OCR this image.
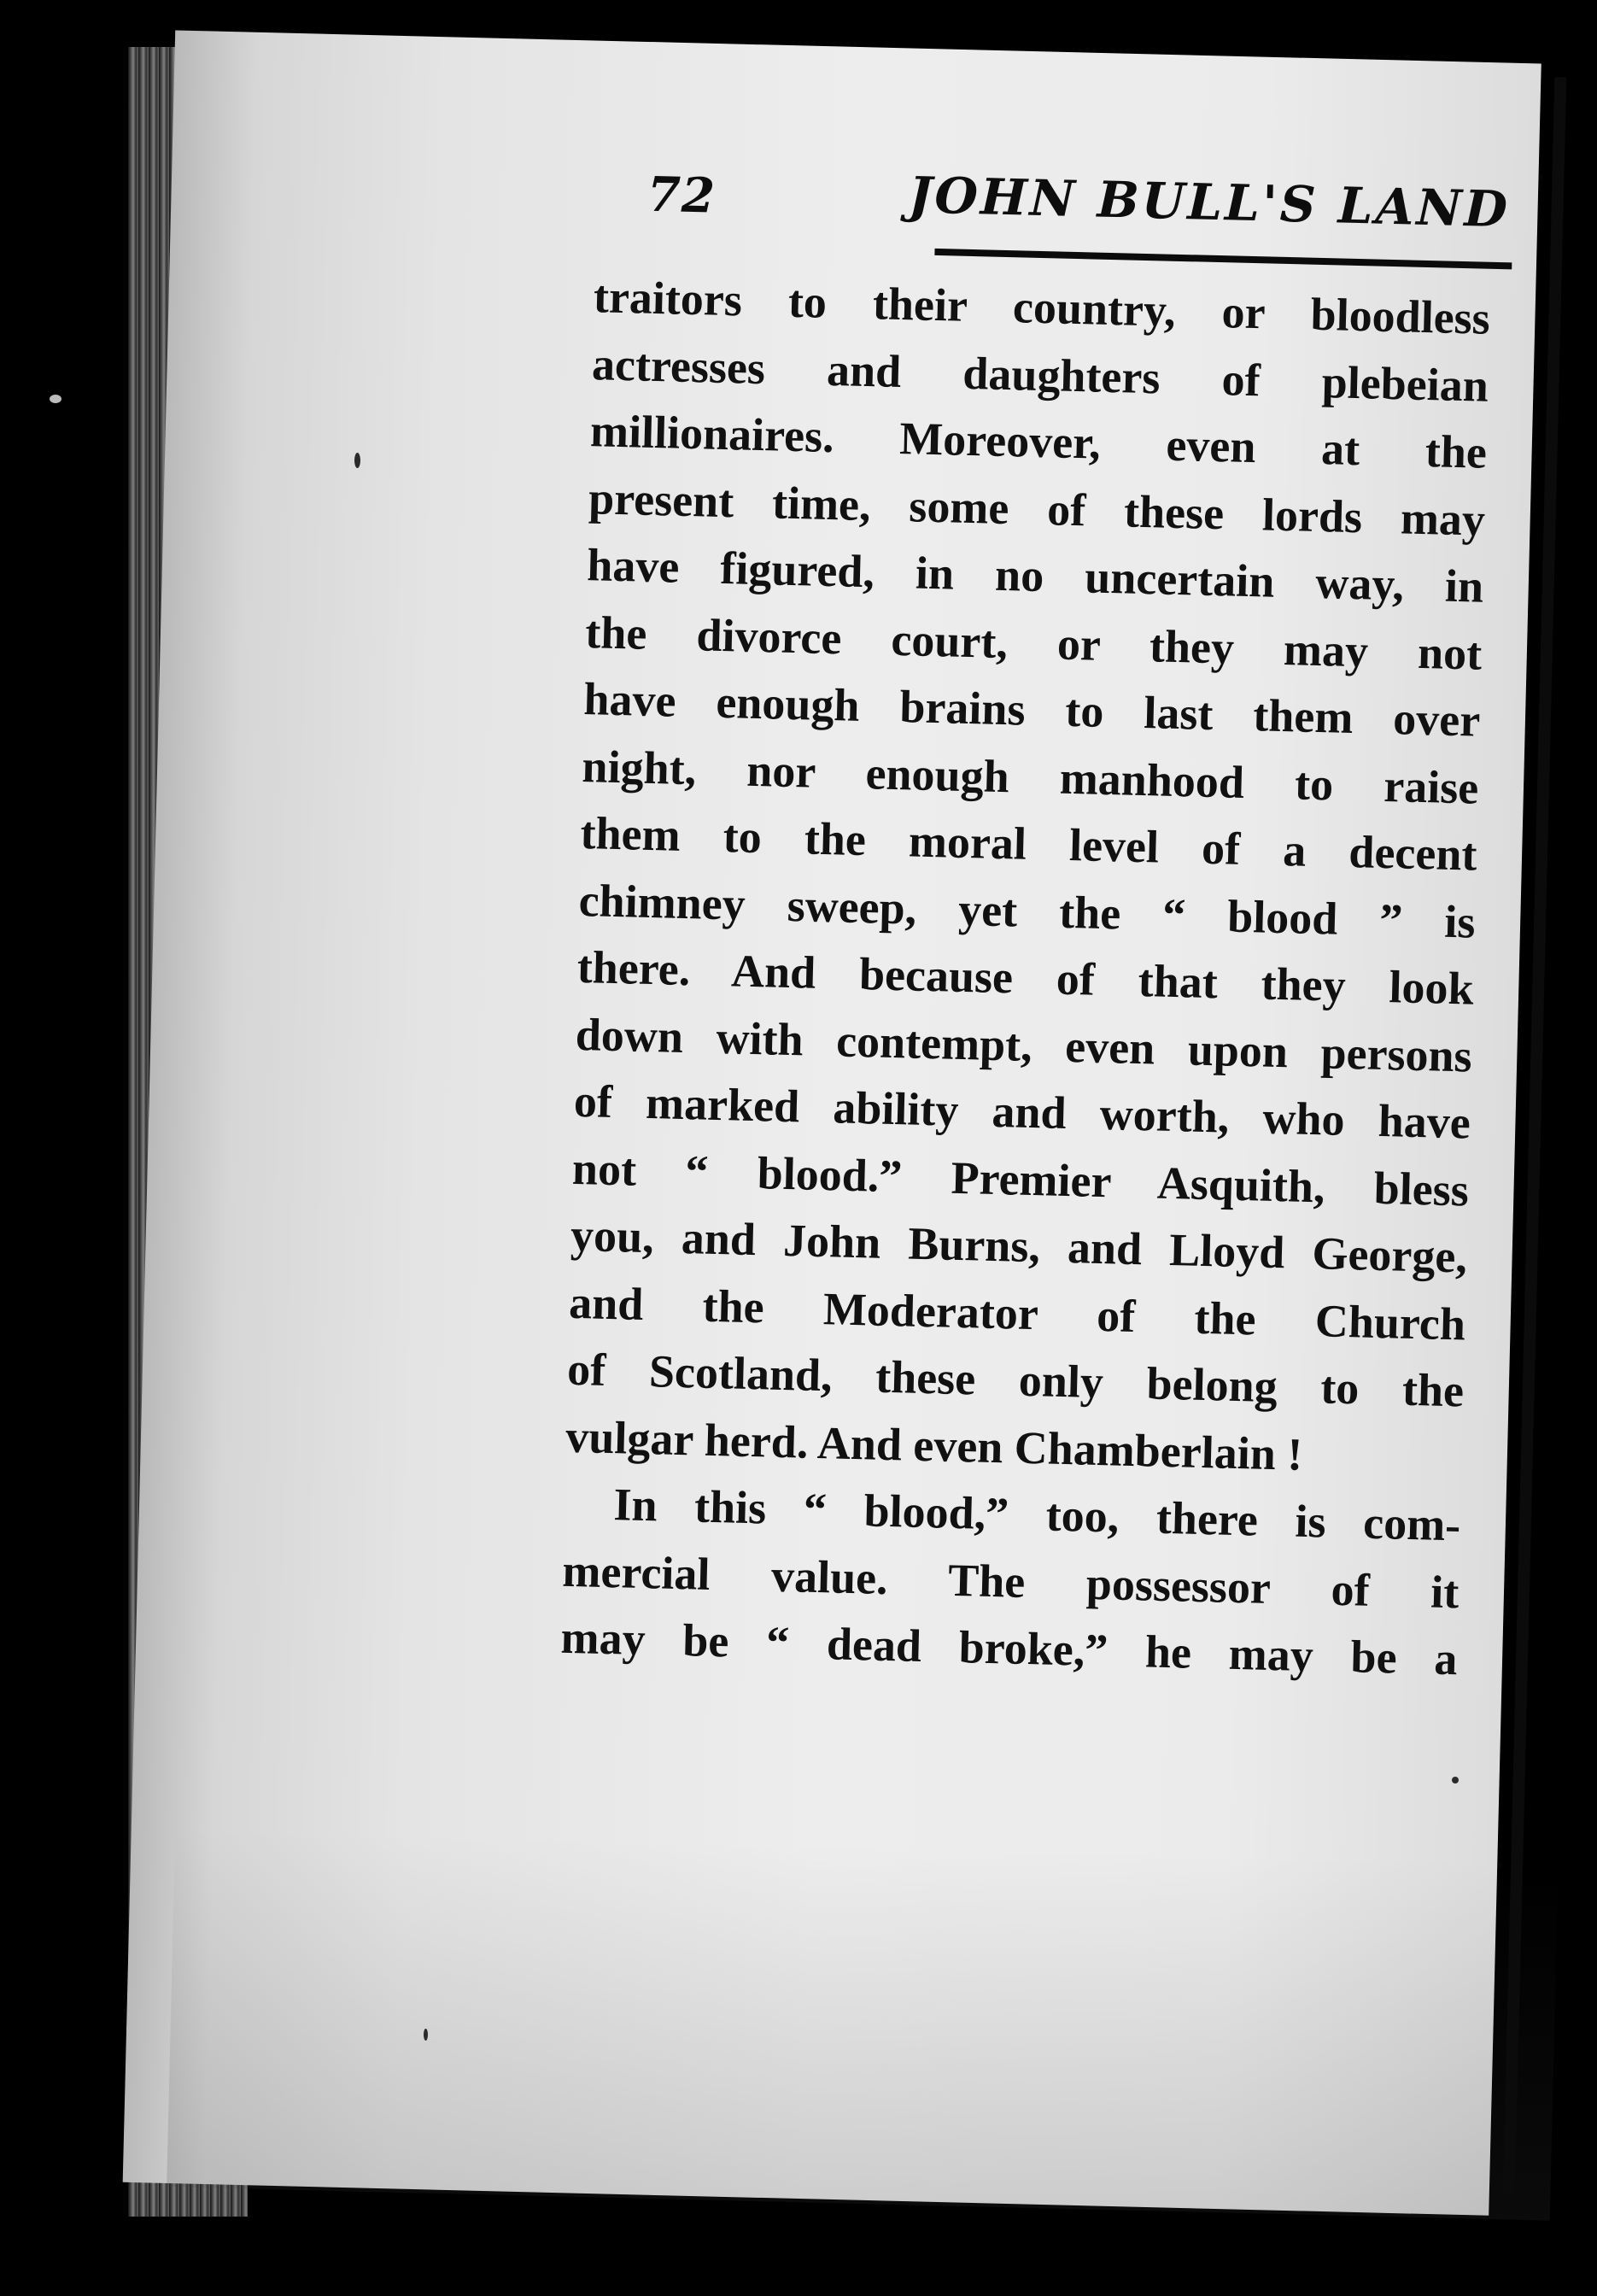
72	JOHN BULL'S LAND
traitors to their country, or bloodless
actresses and daughters of plebeian
millionaires. Moreover, even at the
present time, some of these lords may
have figured, in no uncertain way, in
the divorce court, or they may not
have enough brains to last them over
night, nor enough manhood to raise
them to the moral level of a decent
chimney sweep, yet the “ blood ” is
there. And because of that they look
down with contempt, even upon persons
of marked ability and worth, who have
not “ blood.” Premier Asquith, bless
you, and John Burns, and Lloyd George,
and the Moderator of the Church
of Scotland, these only belong to the
vulgar herd. And even Chamberlain !
In this “ blood,” too, there is com-
mercial value. The possessor of it
may be “ dead broke,” he may be a
